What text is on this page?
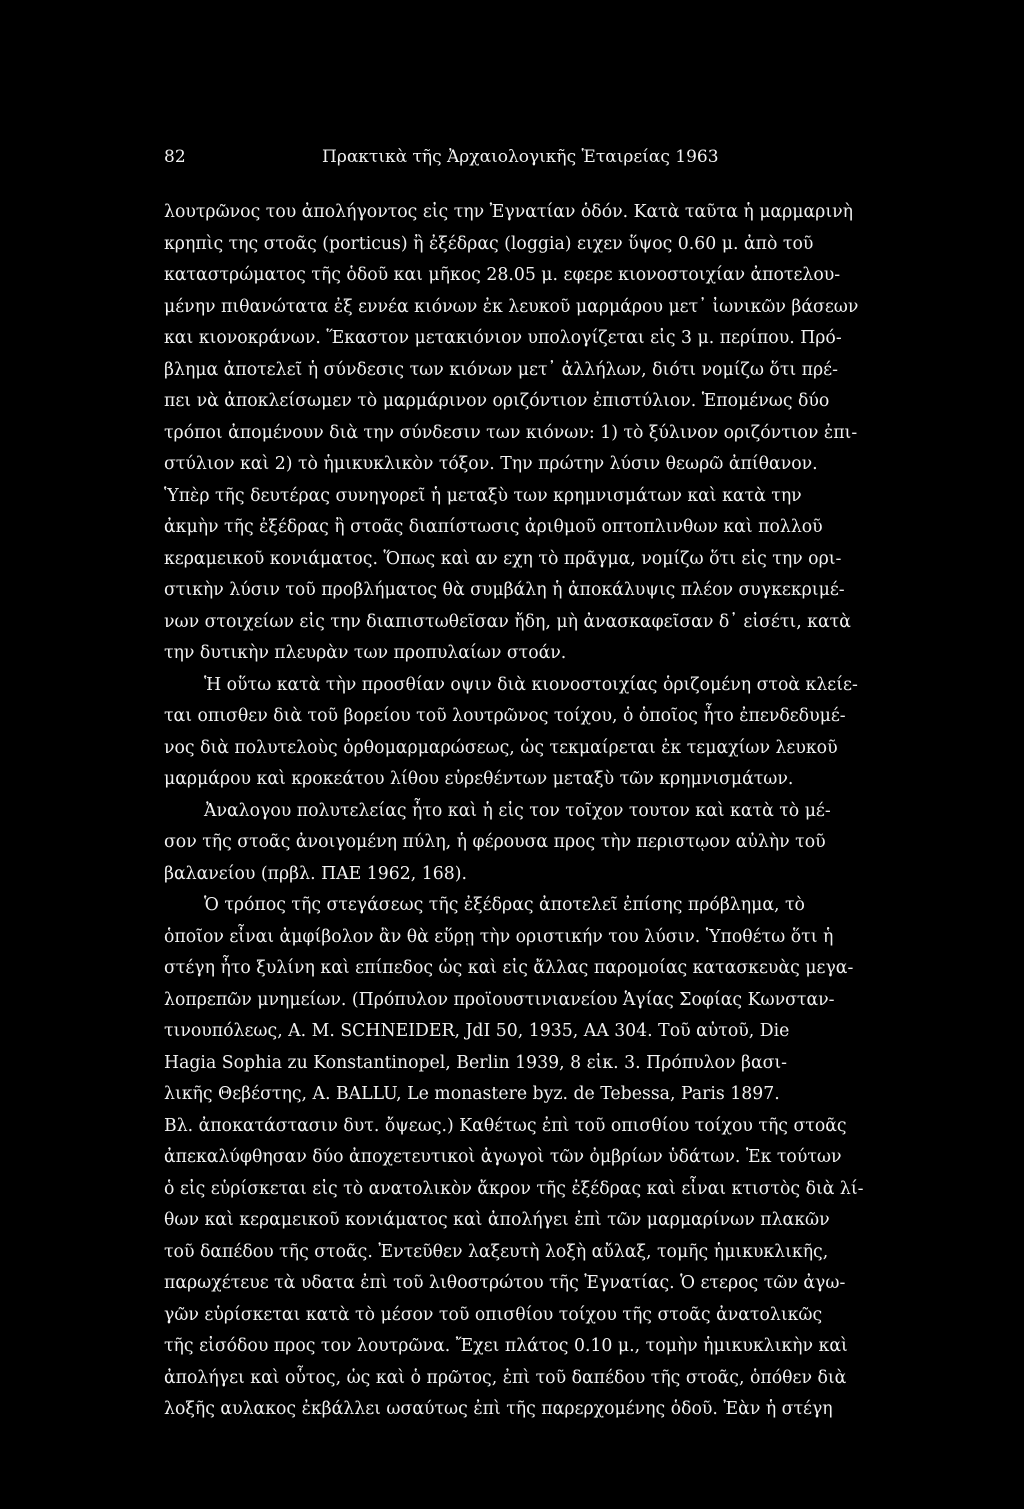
82	Πρακτικὰ τῆς Ἀρχαιολογικῆς Ἑταιρείας 1963
λουτρῶνος του ἀπολήγοντος εἰς την Ἐγνατίαν ὁδόν. Κατὰ ταῦτα ἡ μαρμαρινὴ
κρηπὶς της στοᾶς (porticus) ἢ ἐξέδρας (loggia) ειχεν ὕψος 0.60 μ. ἀπὸ τοῦ
καταστρώματος τῆς ὁδοῦ και μῆκος 28.05 μ. εφερε κιονοστοιχίαν ἀποτελου-
μένην πιθανώτατα ἐξ εννέα κιόνων ἐκ λευκοῦ μαρμάρου μετ᾽ ἰωνικῶν βάσεων
και κιονοκράνων. Ἕκαστον μετακιόνιον υπολογίζεται εἰς 3 μ. περίπου. Πρό-
βλημα ἀποτελεῖ ἡ σύνδεσις των κιόνων μετ᾽ ἀλλήλων, διότι νομίζω ὅτι πρέ-
πει νὰ ἀποκλείσωμεν τὸ μαρμάρινον οριζόντιον ἐπιστύλιον. Ἑπομένως δύο
τρόποι ἀπομένουν διὰ την σύνδεσιν των κιόνων: 1) τὸ ξύλινον οριζόντιον ἐπι-
στύλιον καὶ 2) τὸ ἡμικυκλικὸν τόξον. Την πρώτην λύσιν θεωρῶ ἀπίθανον.
Ὑπὲρ τῆς δευτέρας συνηγορεῖ ἡ μεταξὺ των κρημνισμάτων καὶ κατὰ την
ἀκμὴν τῆς ἐξέδρας ἢ στοᾶς διαπίστωσις ἀριθμοῦ οπτοπλινθων καὶ πολλοῦ
κεραμεικοῦ κονιάματος. Ὅπως καὶ αν εχη τὸ πρᾶγμα, νομίζω ὅτι εἰς την ορι-
στικὴν λύσιν τοῦ προβλήματος θὰ συμβάλη ἡ ἀποκάλυψις πλέον συγκεκριμέ-
νων στοιχείων εἰς την διαπιστωθεῖσαν ἤδη, μὴ ἀνασκαφεῖσαν δ᾽ εἰσέτι, κατὰ
την δυτικὴν πλευρὰν των προπυλαίων στοάν.
Ἡ οὕτω κατὰ τὴν προσθίαν οψιν διὰ κιονοστοιχίας ὁριζομένη στοὰ κλείε-
ται οπισθεν διὰ τοῦ βορείου τοῦ λουτρῶνος τοίχου, ὁ ὁποῖος ἦτο ἐπενδεδυμέ-
νος διὰ πολυτελοὺς ὀρθομαρμαρώσεως, ὡς τεκμαίρεται ἐκ τεμαχίων λευκοῦ
μαρμάρου καὶ κροκεάτου λίθου εὑρεθέντων μεταξὺ τῶν κρημνισμάτων.
Ἀναλογου πολυτελείας ἦτο καὶ ἡ εἰς τον τοῖχον τουτον καὶ κατὰ τὸ μέ-
σον τῆς στοᾶς ἀνοιγομένη πύλη, ἡ φέρουσα προς τὴν περιστῳον αὐλὴν τοῦ
βαλανείου (πρβλ. ΠΑΕ 1962, 168).
Ὁ τρόπος τῆς στεγάσεως τῆς ἐξέδρας ἀποτελεῖ ἐπίσης πρόβλημα, τὸ
ὁποῖον εἶναι ἀμφίβολον ἂν θὰ εὕρῃ τὴν οριστικήν του λύσιν. Ὑποθέτω ὅτι ἡ
στέγη ἦτο ξυλίνη καὶ επίπεδος ὡς καὶ εἰς ἄλλας παρομοίας κατασκευὰς μεγα-
λοπρεπῶν μνημείων. (Πρόπυλον προϊουστινιανείου Ἁγίας Σοφίας Κωνσταν-
τινουπόλεως, A. M. SCHNEIDER, JdI 50, 1935, AA 304. Τοῦ αὐτοῦ, Die
Hagia Sophia zu Konstantinopel, Berlin 1939, 8 εἰκ. 3. Πρόπυλον βασι-
λικῆς Θεβέστης, A. BALLU, Le monastere byz. de Tebessa, Paris 1897.
Βλ. ἀποκατάστασιν δυτ. ὄψεως.) Καθέτως ἐπὶ τοῦ οπισθίου τοίχου τῆς στοᾶς
ἀπεκαλύφθησαν δύο ἀποχετευτικοὶ ἀγωγοὶ τῶν ὀμβρίων ὑδάτων. Ἐκ τούτων
ὁ εἰς εὑρίσκεται εἰς τὸ ανατολικὸν ἄκρον τῆς ἐξέδρας καὶ εἶναι κτιστὸς διὰ λί-
θων καὶ κεραμεικοῦ κονιάματος καὶ ἀπολήγει ἐπὶ τῶν μαρμαρίνων πλακῶν
τοῦ δαπέδου τῆς στοᾶς. Ἐντεῦθεν λαξευτὴ λοξὴ αὔλαξ, τομῆς ἡμικυκλικῆς,
παρωχέτευε τὰ υδατα ἐπὶ τοῦ λιθοστρώτου τῆς Ἐγνατίας. Ὁ ετερος τῶν ἀγω-
γῶν εὑρίσκεται κατὰ τὸ μέσον τοῦ οπισθίου τοίχου τῆς στοᾶς ἀνατολικῶς
τῆς εἰσόδου προς τον λουτρῶνα. Ἔχει πλάτος 0.10 μ., τομὴν ἡμικυκλικὴν καὶ
ἀπολήγει καὶ οὗτος, ὡς καὶ ὁ πρῶτος, ἐπὶ τοῦ δαπέδου τῆς στοᾶς, ὁπόθεν διὰ
λοξῆς αυλακος ἐκβάλλει ωσαύτως ἐπὶ τῆς παρερχομένης ὁδοῦ. Ἐὰν ἡ στέγη
